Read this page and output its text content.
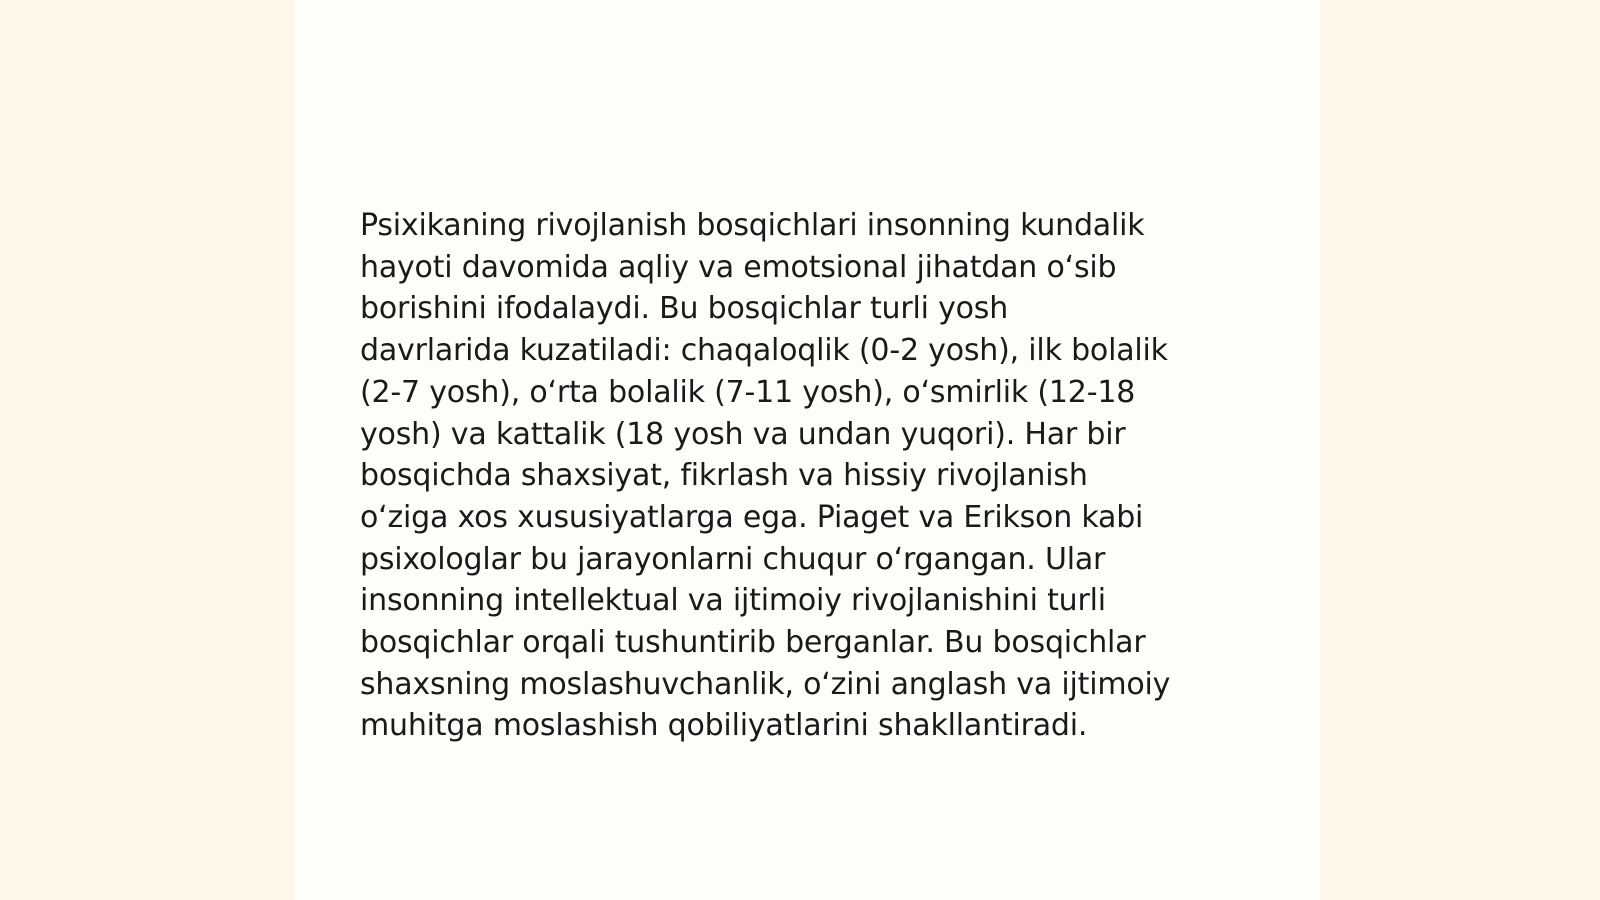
Psixikaning rivojlanish bosqichlari insonning kundalik
hayoti davomida aqliy va emotsional jihatdan oʻsib
borishini ifodalaydi. Bu bosqichlar turli yosh
davrlarida kuzatiladi: chaqaloqlik (0-2 yosh), ilk bolalik
(2-7 yosh), oʻrta bolalik (7-11 yosh), oʻsmirlik (12-18
yosh) va kattalik (18 yosh va undan yuqori). Har bir
bosqichda shaxsiyat, fikrlash va hissiy rivojlanish
oʻziga xos xususiyatlarga ega. Piaget va Erikson kabi
psixologlar bu jarayonlarni chuqur oʻrgangan. Ular
insonning intellektual va ijtimoiy rivojlanishini turli
bosqichlar orqali tushuntirib berganlar. Bu bosqichlar
shaxsning moslashuvchanlik, oʻzini anglash va ijtimoiy
muhitga moslashish qobiliyatlarini shakllantiradi.
